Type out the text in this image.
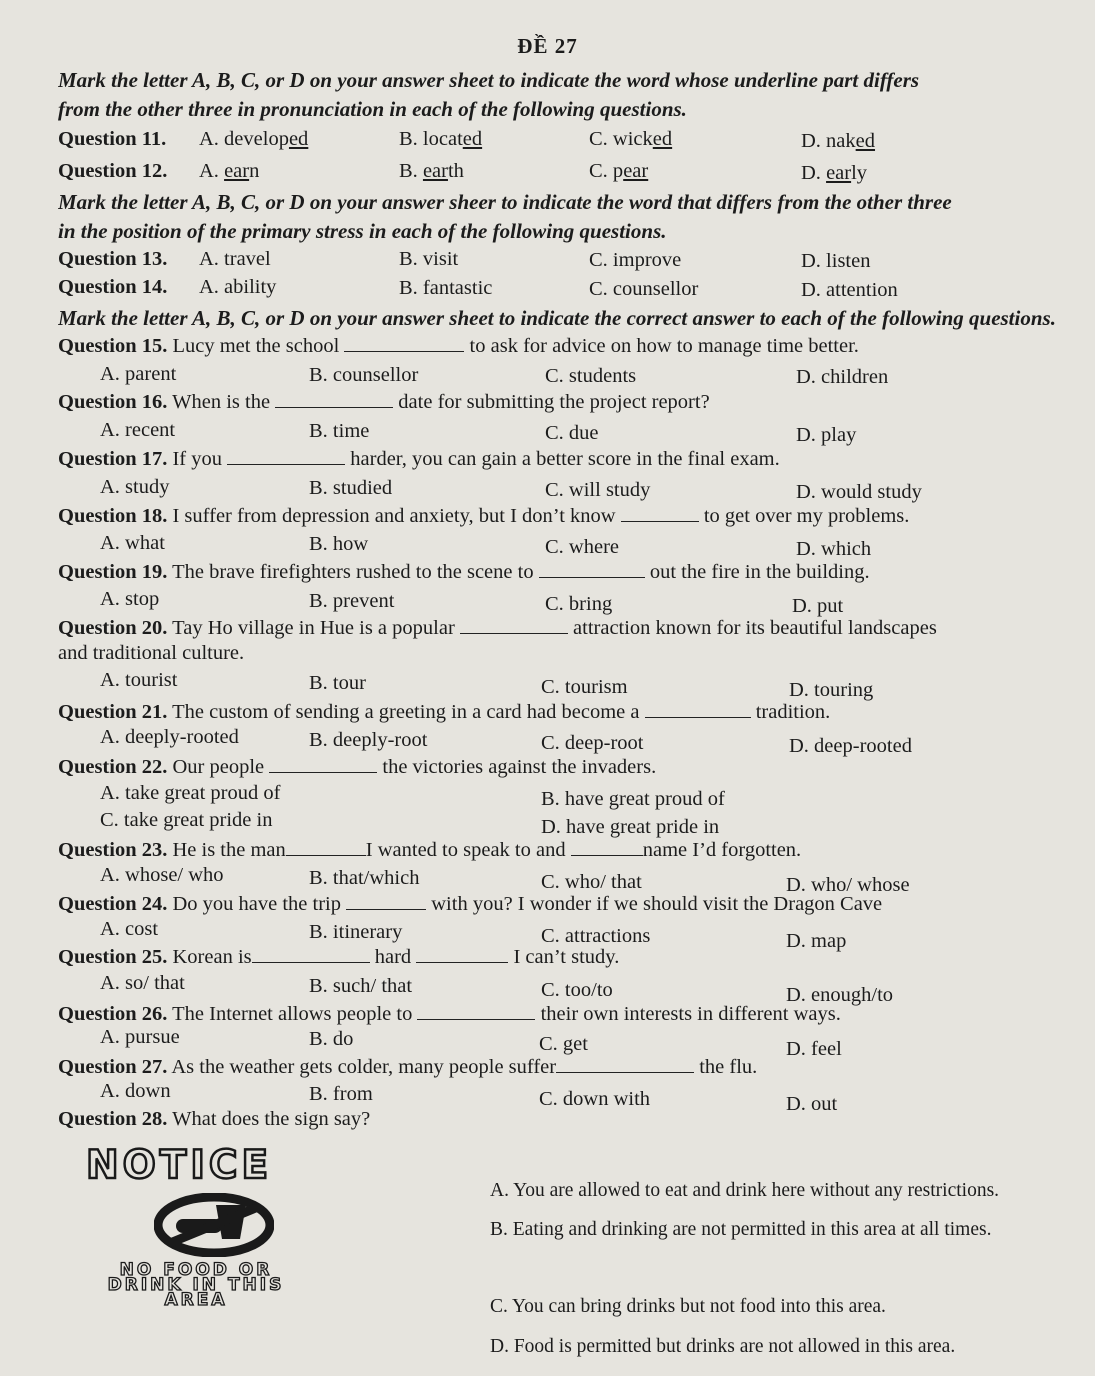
ĐỀ 27
Mark the letter A, B, C, or D on your answer sheet to indicate the word whose underline part differs
from the other three in pronunciation in each of the following questions.
Question 11. A. developed	B. located	C. wicked	D. naked
Question 12. A. earn	B. earth	C. pear	D. early
Mark the letter A, B, C, or D on your answer sheer to indicate the word that differs from the other three
in the position of the primary stress in each of the following questions.
Question 13. A. travel	B. visit	C. improve	D. listen
Question 14. A. ability	B. fantastic	C. counsellor	D. attention
Mark the letter A, B, C, or D on your answer sheet to indicate the correct answer to each of the following questions.
Question 15. Lucy met the school	to ask for advice on how to manage time better.
A. parent	B. counsellor	C. students	D. children
Question 16. When is the	date for submitting the project report?
A. recent	B. time	C. due	D. play
Question 17. If you	harder, you can gain a better score in the final exam.
A. study	B. studied	C. will study	D. would study
Question 18. I suffer from depression and anxiety, but I don’t know	to get over my problems.
A. what	B. how	C. where	D. which
Question 19. The brave firefighters rushed to the scene to	out the fire in the building.
A. stop	B. prevent	C. bring	D. put
Question 20. Tay Ho village in Hue is a popular	attraction known for its beautiful landscapes
and traditional culture.
A. tourist	B. tour	C. tourism	D. touring
Question 21. The custom of sending a greeting in a card had become a	tradition.
A. deeply-rooted	B. deeply-root	C. deep-root	D. deep-rooted
Question 22. Our people	the victories against the invaders.
A. take great proud of	B. have great proud of
C. take great pride in	D. have great pride in
Question 23. He is the man	I wanted to speak to and	name I’d forgotten.
A. whose/ who	B. that/which	C. who/ that	D. who/ whose
Question 24. Do you have the trip	with you? I wonder if we should visit the Dragon Cave
A. cost	B. itinerary	C. attractions	D. map
Question 25. Korean is	hard	I can’t study.
A. so/ that	B. such/ that	C. too/to	D. enough/to
Question 26. The Internet allows people to	their own interests in different ways.
A. pursue	B. do	C. get	D. feel
Question 27. As the weather gets colder, many people suffer	the flu.
A. down	B. from	C. down with	D. out
Question 28. What does the sign say?
NOTICE
NO FOOD OR
DRINK IN THIS
AREA
A. You are allowed to eat and drink here without any restrictions.
B. Eating and drinking are not permitted in this area at all times.
C. You can bring drinks but not food into this area.
D. Food is permitted but drinks are not allowed in this area.
